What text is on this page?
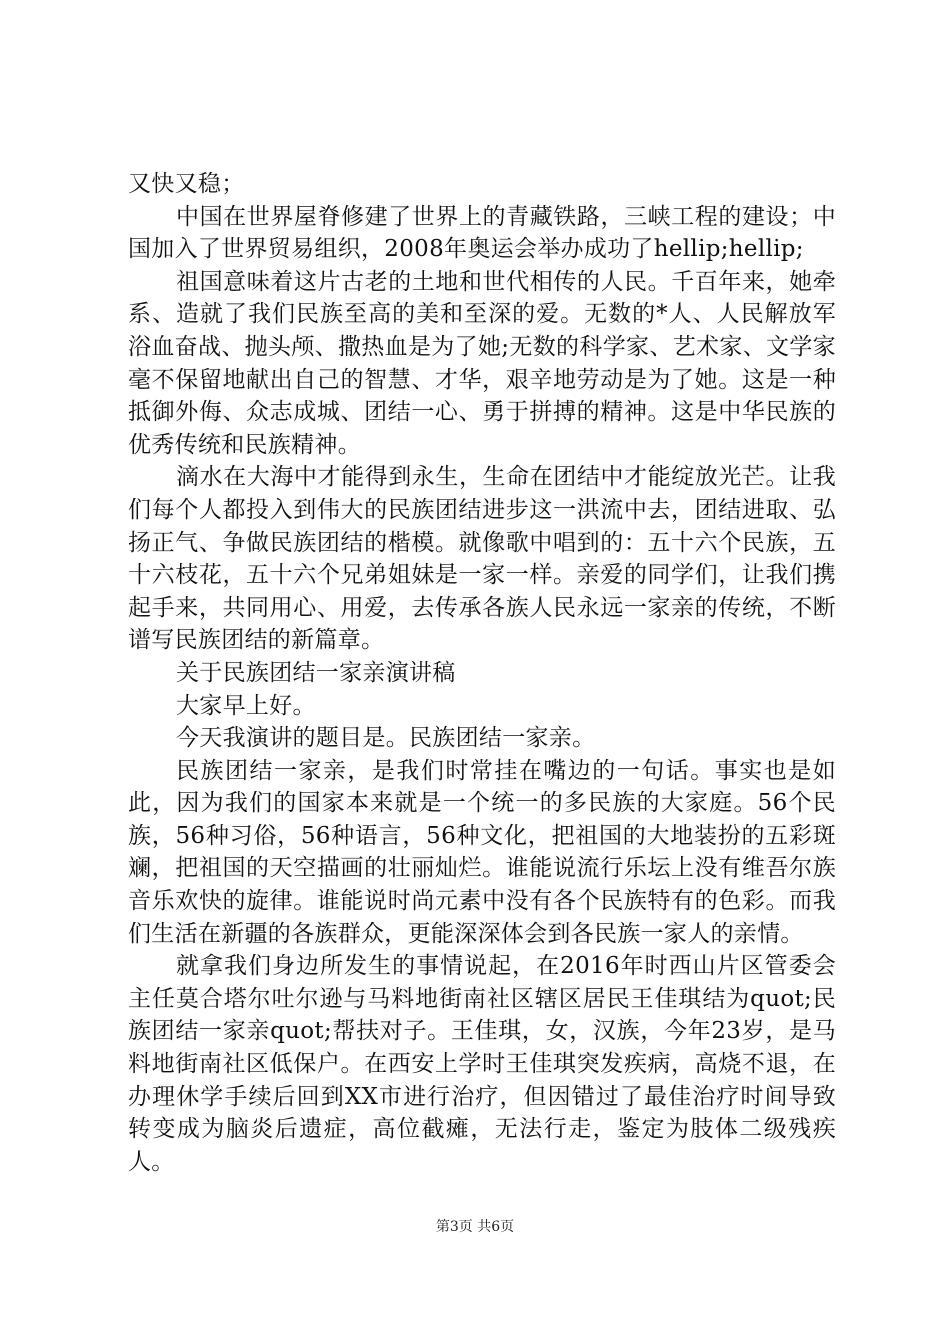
又快又稳；

中国在世界屋脊修建了世界上的青藏铁路，三峡工程的建设；中国加入了世界贸易组织，2008年奥运会举办成功了hellip;hellip;

祖国意味着这片古老的土地和世代相传的人民。千百年来，她牵系、造就了我们民族至高的美和至深的爱。无数的*人、人民解放军浴血奋战、抛头颅、撒热血是为了她;无数的科学家、艺术家、文学家毫不保留地献出自己的智慧、才华，艰辛地劳动是为了她。这是一种抵御外侮、众志成城、团结一心、勇于拼搏的精神。这是中华民族的优秀传统和民族精神。

滴水在大海中才能得到永生，生命在团结中才能绽放光芒。让我们每个人都投入到伟大的民族团结进步这一洪流中去，团结进取、弘扬正气、争做民族团结的楷模。就像歌中唱到的：五十六个民族，五十六枝花，五十六个兄弟姐妹是一家一样。亲爱的同学们，让我们携起手来，共同用心、用爱，去传承各族人民永远一家亲的传统，不断谱写民族团结的新篇章。

关于民族团结一家亲演讲稿

大家早上好。

今天我演讲的题目是。民族团结一家亲。

民族团结一家亲，是我们时常挂在嘴边的一句话。事实也是如此，因为我们的国家本来就是一个统一的多民族的大家庭。56个民族，56种习俗，56种语言，56种文化，把祖国的大地装扮的五彩斑斓，把祖国的天空描画的壮丽灿烂。谁能说流行乐坛上没有维吾尔族音乐欢快的旋律。谁能说时尚元素中没有各个民族特有的色彩。而我们生活在新疆的各族群众，更能深深体会到各民族一家人的亲情。

就拿我们身边所发生的事情说起，在2016年时西山片区管委会主任莫合塔尔吐尔逊与马料地街南社区辖区居民王佳琪结为quot;民族团结一家亲quot;帮扶对子。王佳琪，女，汉族，今年23岁，是马料地街南社区低保户。在西安上学时王佳琪突发疾病，高烧不退，在办理休学手续后回到XX市进行治疗，但因错过了最佳治疗时间导致转变成为脑炎后遗症，高位截瘫，无法行走，鉴定为肢体二级残疾人。

第3页 共6页
